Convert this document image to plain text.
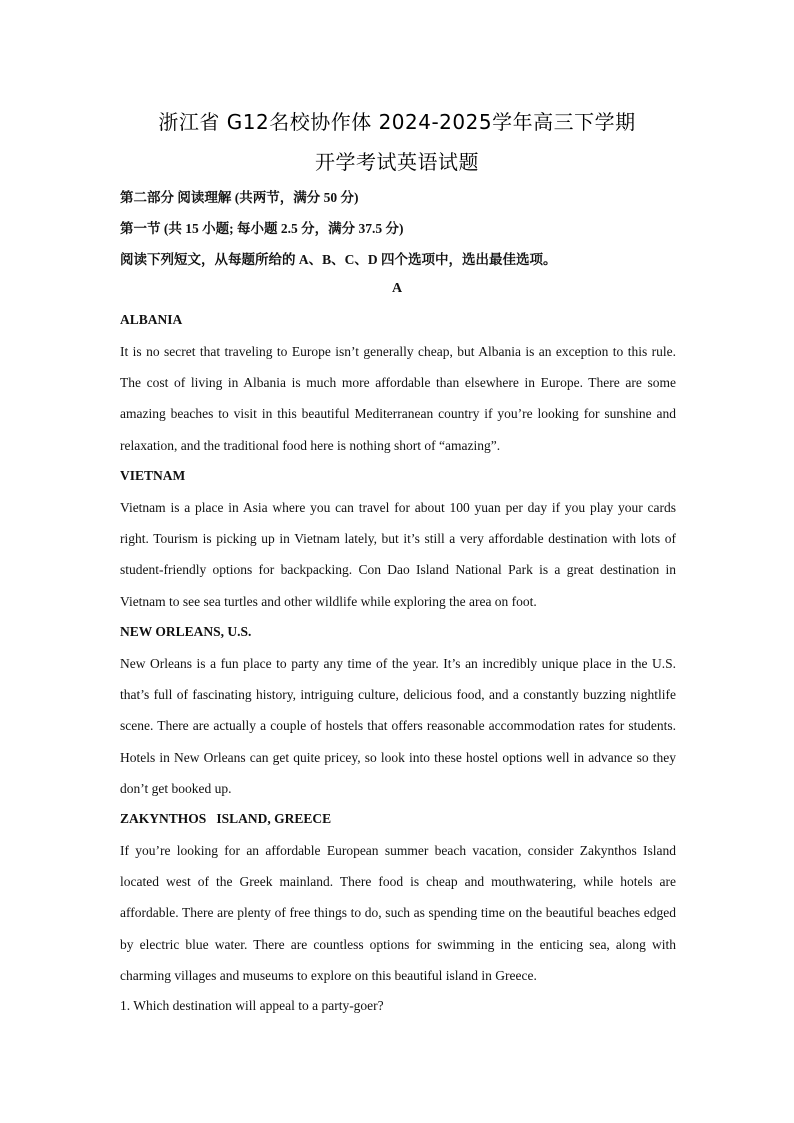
浙江省 G12名校协作体 2024-2025学年高三下学期
开学考试英语试题
第二部分 阅读理解 (共两节，满分 50 分)
第一节 (共 15 小题; 每小题 2.5 分，满分 37.5 分)
阅读下列短文，从每题所给的 A、B、C、D 四个选项中，选出最佳选项。
A
ALBANIA
It is no secret that traveling to Europe isn’t generally cheap, but Albania is an exception to this rule. The cost of living in Albania is much more affordable than elsewhere in Europe. There are some amazing beaches to visit in this beautiful Mediterranean country if you’re looking for sunshine and relaxation, and the traditional food here is nothing short of “amazing”.
VIETNAM
Vietnam is a place in Asia where you can travel for about 100 yuan per day if you play your cards right. Tourism is picking up in Vietnam lately, but it’s still a very affordable destination with lots of student-friendly options for backpacking. Con Dao Island National Park is a great destination in Vietnam to see sea turtles and other wildlife while exploring the area on foot.
NEW ORLEANS, U.S.
New Orleans is a fun place to party any time of the year. It’s an incredibly unique place in the U.S. that’s full of fascinating history, intriguing culture, delicious food, and a constantly buzzing nightlife scene. There are actually a couple of hostels that offers reasonable accommodation rates for students. Hotels in New Orleans can get quite pricey, so look into these hostel options well in advance so they don’t get booked up.
ZAKYNTHOS   ISLAND, GREECE
If you’re looking for an affordable European summer beach vacation, consider Zakynthos Island located west of the Greek mainland. There food is cheap and mouthwatering, while hotels are affordable. There are plenty of free things to do, such as spending time on the beautiful beaches edged by electric blue water. There are countless options for swimming in the enticing sea, along with charming villages and museums to explore on this beautiful island in Greece.
1. Which destination will appeal to a party-goer?
